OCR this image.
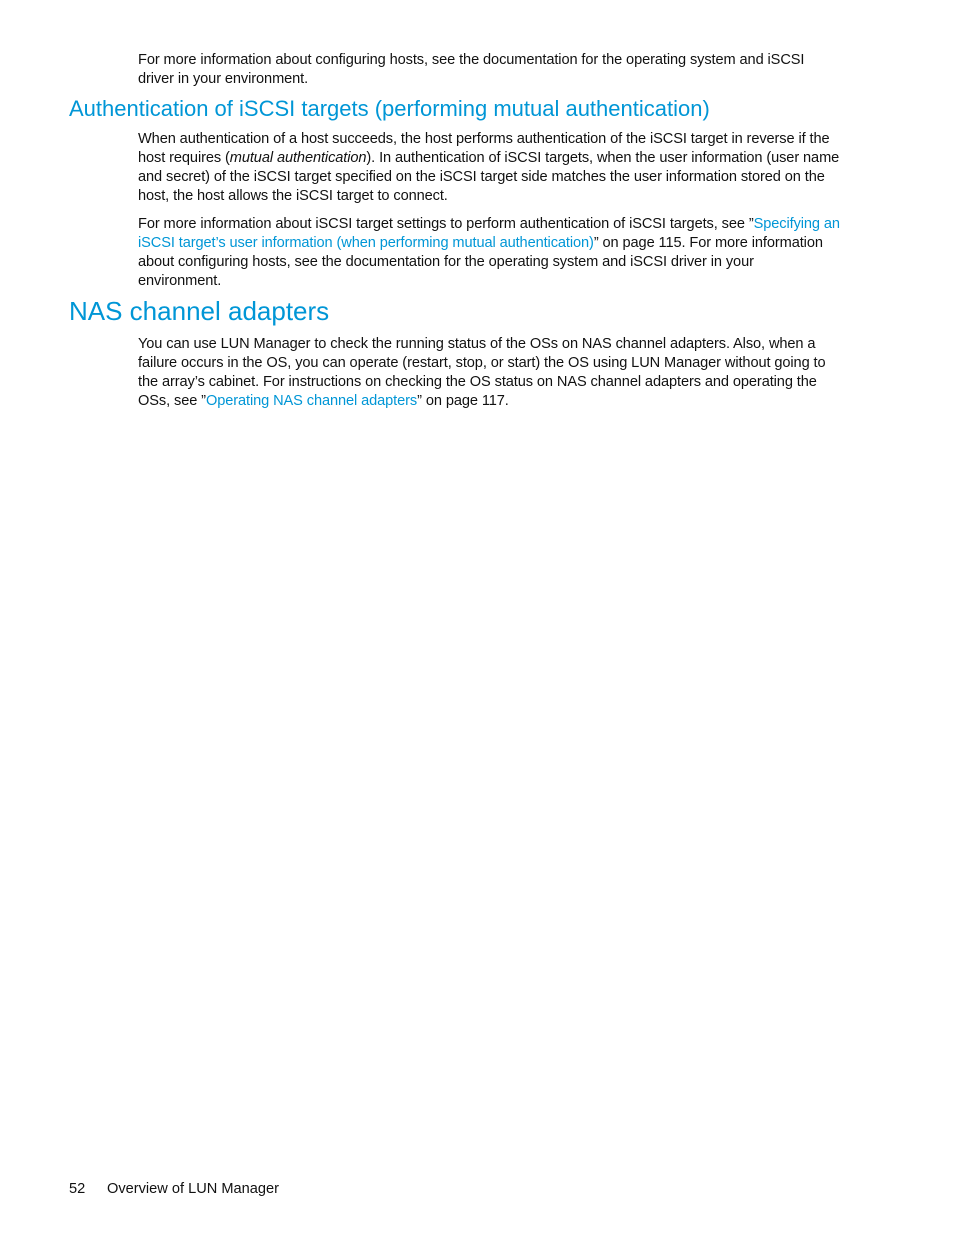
For more information about configuring hosts, see the documentation for the operating system and iSCSI driver in your environment.

Authentication of iSCSI targets (performing mutual authentication)

When authentication of a host succeeds, the host performs authentication of the iSCSI target in reverse if the host requires (mutual authentication). In authentication of iSCSI targets, when the user information (user name and secret) of the iSCSI target specified on the iSCSI target side matches the user information stored on the host, the host allows the iSCSI target to connect.

For more information about iSCSI target settings to perform authentication of iSCSI targets, see ”Specifying an iSCSI target’s user information (when performing mutual authentication)” on page 115. For more information about configuring hosts, see the documentation for the operating system and iSCSI driver in your environment.

NAS channel adapters

You can use LUN Manager to check the running status of the OSs on NAS channel adapters. Also, when a failure occurs in the OS, you can operate (restart, stop, or start) the OS using LUN Manager without going to the array’s cabinet. For instructions on checking the OS status on NAS channel adapters and operating the OSs, see ”Operating NAS channel adapters” on page 117.

52 Overview of LUN Manager
